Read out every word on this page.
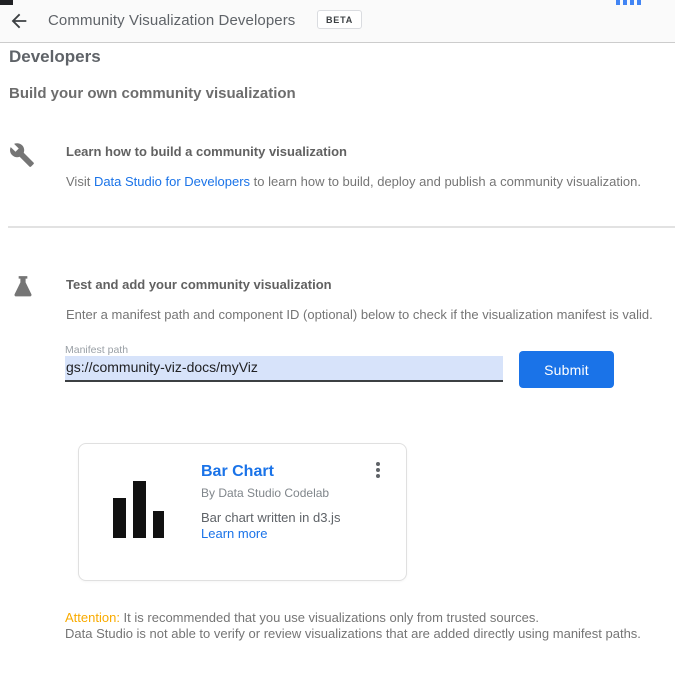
Community Visualization Developers	BETA
Developers
Build your own community visualization
Learn how to build a community visualization
Visit Data Studio for Developers to learn how to build, deploy and publish a community visualization.
Test and add your community visualization
Enter a manifest path and component ID (optional) below to check if the visualization manifest is valid.
Manifest path
gs://community-viz-docs/myViz
Submit
Bar Chart
By Data Studio Codelab
Bar chart written in d3.js
Learn more
Attention: It is recommended that you use visualizations only from trusted sources.
Data Studio is not able to verify or review visualizations that are added directly using manifest paths.
